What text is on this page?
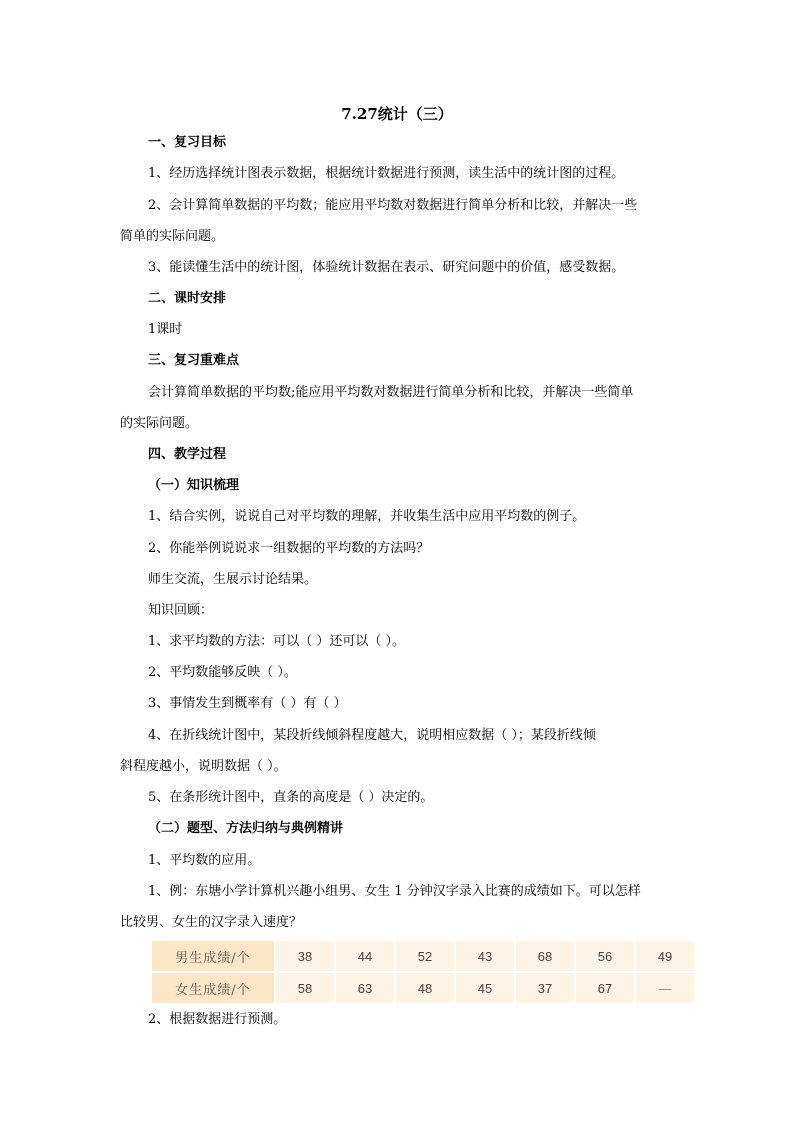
7.27统计（三）
一、复习目标
1、经历选择统计图表示数据，根据统计数据进行预测，读生活中的统计图的过程。
2、会计算简单数据的平均数；能应用平均数对数据进行简单分析和比较，并解决一些
简单的实际问题。
3、能读懂生活中的统计图，体验统计数据在表示、研究问题中的价值，感受数据。
二、课时安排
1课时
三、复习重难点
会计算简单数据的平均数;能应用平均数对数据进行简单分析和比较，并解决一些简单
的实际问题。
四、教学过程
（一）知识梳理
1、结合实例，说说自己对平均数的理解，并收集生活中应用平均数的例子。
2、你能举例说说求一组数据的平均数的方法吗？
师生交流，生展示讨论结果。
知识回顾：
1、求平均数的方法：可以（ ）还可以（ ）。
2、平均数能够反映（ ）。
3、事情发生到概率有（ ）有（ ）
4、在折线统计图中，某段折线倾斜程度越大，说明相应数据（ ）；某段折线倾
斜程度越小，说明数据（ ）。
5、在条形统计图中，直条的高度是（ ）决定的。
（二）题型、方法归纳与典例精讲
1、平均数的应用。
1、例：东塘小学计算机兴趣小组男、女生 1 分钟汉字录入比赛的成绩如下。可以怎样
比较男、女生的汉字录入速度？
男生成绩/个	38	44	52	43	68	56	49
女生成绩/个	58	63	48	45	37	67	—
2、根据数据进行预测。
